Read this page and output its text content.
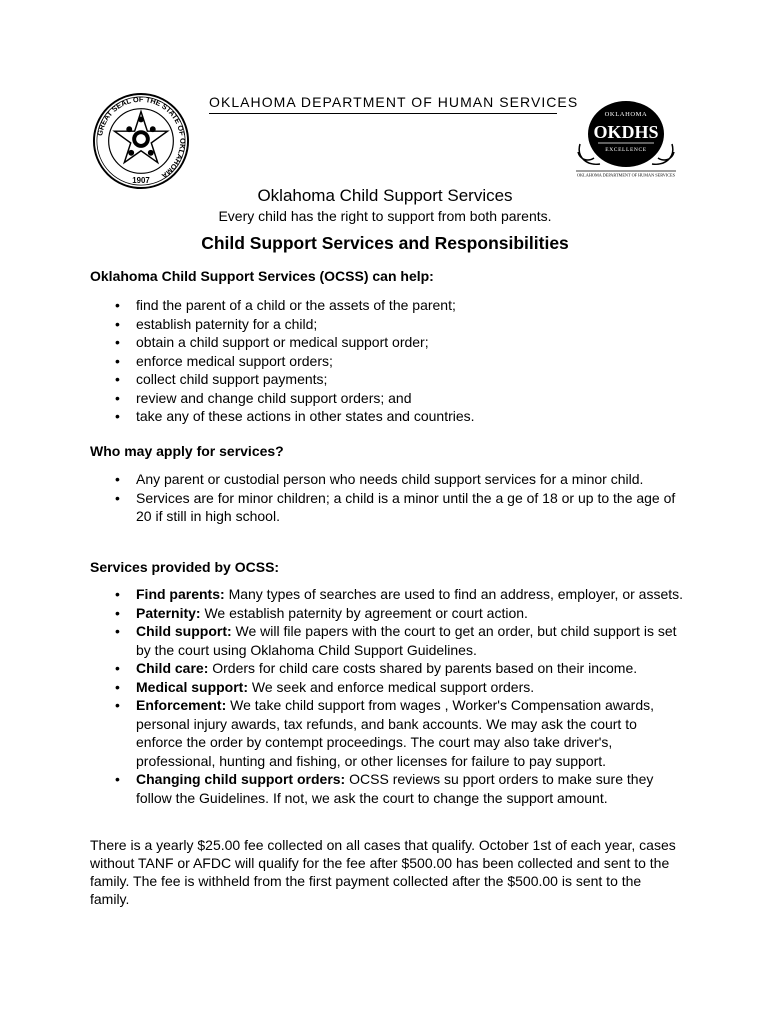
GREAT SEAL OF THE STATE OF OKLAHOMA
1907
OKLAHOMA DEPARTMENT OF HUMAN SERVICES
OKLAHOMA
OKDHS
EXCELLENCE
OKLAHOMA DEPARTMENT OF HUMAN SERVICES
Oklahoma Child Support Services
Every child has the right to support from both parents.
Child Support Services and Responsibilities
Oklahoma Child Support Services (OCSS) can help:
• find the parent of a child or the assets of the parent;
• establish paternity for a child;
• obtain a child support or medical support order;
• enforce medical support orders;
• collect child support payments;
• review and change child support orders; and
• take any of these actions in other states and countries.
Who may apply for services?
• Any parent or custodial person who needs child support services for a minor child.
• Services are for minor children; a child is a minor until the a ge of 18 or up to the age of 20 if still in high school.
Services provided by OCSS:
• Find parents: Many types of searches are used to find an address, employer, or assets.
• Paternity: We establish paternity by agreement or court action.
• Child support: We will file papers with the court to get an order, but child support is set by the court using Oklahoma Child Support Guidelines.
• Child care: Orders for child care costs shared by parents based on their income.
• Medical support: We seek and enforce medical support orders.
• Enforcement: We take child support from wages , Worker's Compensation awards, personal injury awards, tax refunds, and bank accounts. We may ask the court to enforce the order by contempt proceedings. The court may also take driver's, professional, hunting and fishing, or other licenses for failure to pay support.
• Changing child support orders: OCSS reviews su pport orders to make sure they follow the Guidelines. If not, we ask the court to change the support amount.

There is a yearly $25.00 fee collected on all cases that qualify. October 1st of each year, cases without TANF or AFDC will qualify for the fee after $500.00 has been collected and sent to the family. The fee is withheld from the first payment collected after the $500.00 is sent to the family.
